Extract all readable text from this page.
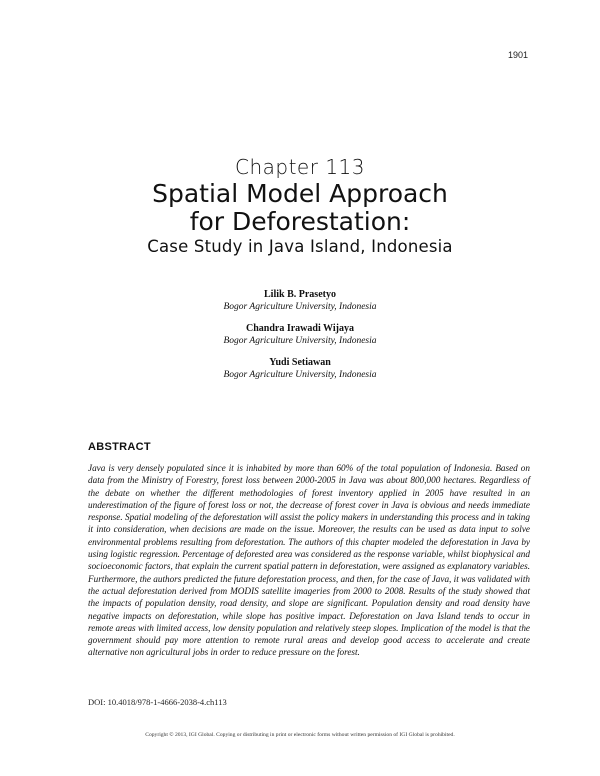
1901
Chapter 113
Spatial Model Approach
for Deforestation:
Case Study in Java Island, Indonesia
Lilik B. Prasetyo
Bogor Agriculture University, Indonesia
Chandra Irawadi Wijaya
Bogor Agriculture University, Indonesia
Yudi Setiawan
Bogor Agriculture University, Indonesia
ABSTRACT
Java is very densely populated since it is inhabited by more than 60% of the total population of Indonesia. Based on data from the Ministry of Forestry, forest loss between 2000-2005 in Java was about 800,000 hectares. Regardless of the debate on whether the different methodologies of forest inventory applied in 2005 have resulted in an underestimation of the figure of forest loss or not, the decrease of forest cover in Java is obvious and needs immediate response. Spatial modeling of the deforestation will assist the policy makers in understanding this process and in taking it into consideration, when decisions are made on the issue. Moreover, the results can be used as data input to solve environmental problems resulting from deforestation. The authors of this chapter modeled the deforestation in Java by using logistic regression. Percentage of deforested area was considered as the response variable, whilst biophysical and socioeconomic factors, that explain the current spatial pattern in deforestation, were assigned as explanatory variables. Furthermore, the authors predicted the future deforestation process, and then, for the case of Java, it was validated with the actual deforestation derived from MODIS satellite imageries from 2000 to 2008. Results of the study showed that the impacts of population density, road density, and slope are significant. Population density and road density have negative impacts on deforestation, while slope has positive impact. Deforestation on Java Island tends to occur in remote areas with limited access, low density population and relatively steep slopes. Implication of the model is that the government should pay more attention to remote rural areas and develop good access to accelerate and create alternative non agricultural jobs in order to reduce pressure on the forest.
DOI: 10.4018/978-1-4666-2038-4.ch113
Copyright © 2013, IGI Global. Copying or distributing in print or electronic forms without written permission of IGI Global is prohibited.
